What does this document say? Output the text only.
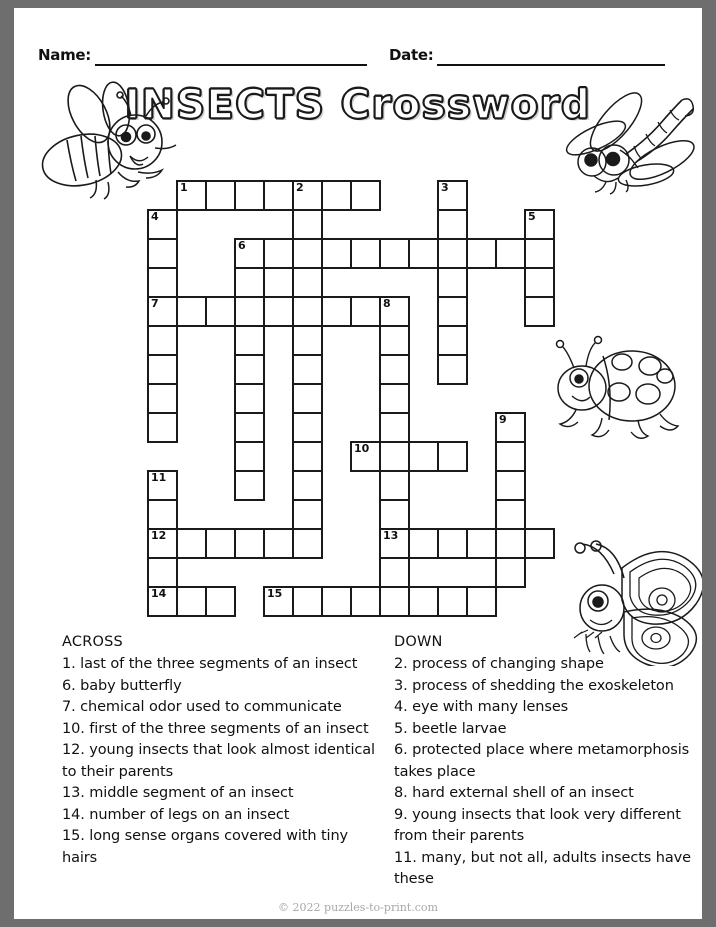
Name:	Date:
INSECTS Crossword
1	2	3
4	5
6
7	8
9
10
11
12	13
14	15
ACROSS
1. last of the three segments of an insect
6. baby butterfly
7. chemical odor used to communicate
10. first of the three segments of an insect
12. young insects that look almost identical to their parents
13. middle segment of an insect
14. number of legs on an insect
15. long sense organs covered with tiny hairs
DOWN
2. process of changing shape
3. process of shedding the exoskeleton
4. eye with many lenses
5. beetle larvae
6. protected place where metamorphosis takes place
8. hard external shell of an insect
9. young insects that look very different from their parents
11. many, but not all, adults insects have these
© 2022 puzzles-to-print.com
